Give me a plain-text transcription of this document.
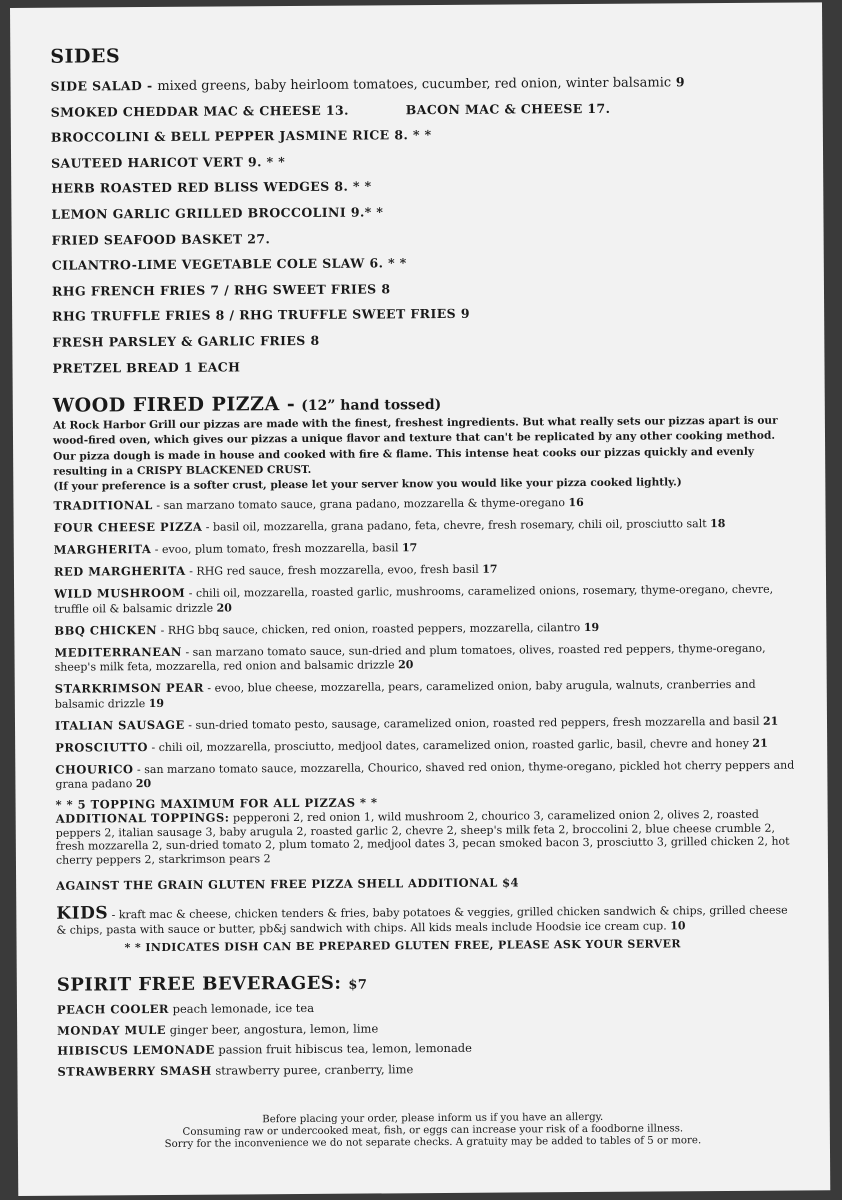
SIDES
SIDE SALAD - mixed greens, baby heirloom tomatoes, cucumber, red onion, winter balsamic 9
SMOKED CHEDDAR MAC & CHEESE 13.	BACON MAC & CHEESE 17.
BROCCOLINI & BELL PEPPER JASMINE RICE 8. * *
SAUTEED HARICOT VERT 9. * *
HERB ROASTED RED BLISS WEDGES 8. * *
LEMON GARLIC GRILLED BROCCOLINI 9.* *
FRIED SEAFOOD BASKET 27.
CILANTRO-LIME VEGETABLE COLE SLAW 6. * *
RHG FRENCH FRIES 7 / RHG SWEET FRIES 8
RHG TRUFFLE FRIES 8 / RHG TRUFFLE SWEET FRIES 9
FRESH PARSLEY & GARLIC FRIES 8
PRETZEL BREAD 1 EACH
WOOD FIRED PIZZA - (12” hand tossed)
At Rock Harbor Grill our pizzas are made with the finest, freshest ingredients. But what really sets our pizzas apart is our wood-fired oven, which gives our pizzas a unique flavor and texture that can't be replicated by any other cooking method. Our pizza dough is made in house and cooked with fire & flame. This intense heat cooks our pizzas quickly and evenly resulting in a CRISPY BLACKENED CRUST.
(If your preference is a softer crust, please let your server know you would like your pizza cooked lightly.)
TRADITIONAL - san marzano tomato sauce, grana padano, mozzarella & thyme-oregano 16
FOUR CHEESE PIZZA - basil oil, mozzarella, grana padano, feta, chevre, fresh rosemary, chili oil, prosciutto salt 18
MARGHERITA - evoo, plum tomato, fresh mozzarella, basil 17
RED MARGHERITA - RHG red sauce, fresh mozzarella, evoo, fresh basil 17
WILD MUSHROOM - chili oil, mozzarella, roasted garlic, mushrooms, caramelized onions, rosemary, thyme-oregano, chevre, truffle oil & balsamic drizzle 20
BBQ CHICKEN - RHG bbq sauce, chicken, red onion, roasted peppers, mozzarella, cilantro 19
MEDITERRANEAN - san marzano tomato sauce, sun-dried and plum tomatoes, olives, roasted red peppers, thyme-oregano, sheep's milk feta, mozzarella, red onion and balsamic drizzle 20
STARKRIMSON PEAR - evoo, blue cheese, mozzarella, pears, caramelized onion, baby arugula, walnuts, cranberries and balsamic drizzle 19
ITALIAN SAUSAGE - sun-dried tomato pesto, sausage, caramelized onion, roasted red peppers, fresh mozzarella and basil 21
PROSCIUTTO - chili oil, mozzarella, prosciutto, medjool dates, caramelized onion, roasted garlic, basil, chevre and honey 21
CHOURICO - san marzano tomato sauce, mozzarella, Chourico, shaved red onion, thyme-oregano, pickled hot cherry peppers and grana padano 20
* * 5 TOPPING MAXIMUM FOR ALL PIZZAS * *
ADDITIONAL TOPPINGS: pepperoni 2, red onion 1, wild mushroom 2, chourico 3, caramelized onion 2, olives 2, roasted peppers 2, italian sausage 3, baby arugula 2, roasted garlic 2, chevre 2, sheep's milk feta 2, broccolini 2, blue cheese crumble 2, fresh mozzarella 2, sun-dried tomato 2, plum tomato 2, medjool dates 3, pecan smoked bacon 3, prosciutto 3, grilled chicken 2, hot cherry peppers 2, starkrimson pears 2
AGAINST THE GRAIN GLUTEN FREE PIZZA SHELL ADDITIONAL $4
KIDS - kraft mac & cheese, chicken tenders & fries, baby potatoes & veggies, grilled chicken sandwich & chips, grilled cheese & chips, pasta with sauce or butter, pb&j sandwich with chips. All kids meals include Hoodsie ice cream cup. 10
* * INDICATES DISH CAN BE PREPARED GLUTEN FREE, PLEASE ASK YOUR SERVER
SPIRIT FREE BEVERAGES: $7
PEACH COOLER peach lemonade, ice tea
MONDAY MULE ginger beer, angostura, lemon, lime
HIBISCUS LEMONADE passion fruit hibiscus tea, lemon, lemonade
STRAWBERRY SMASH strawberry puree, cranberry, lime
Before placing your order, please inform us if you have an allergy.
Consuming raw or undercooked meat, fish, or eggs can increase your risk of a foodborne illness.
Sorry for the inconvenience we do not separate checks. A gratuity may be added to tables of 5 or more.
